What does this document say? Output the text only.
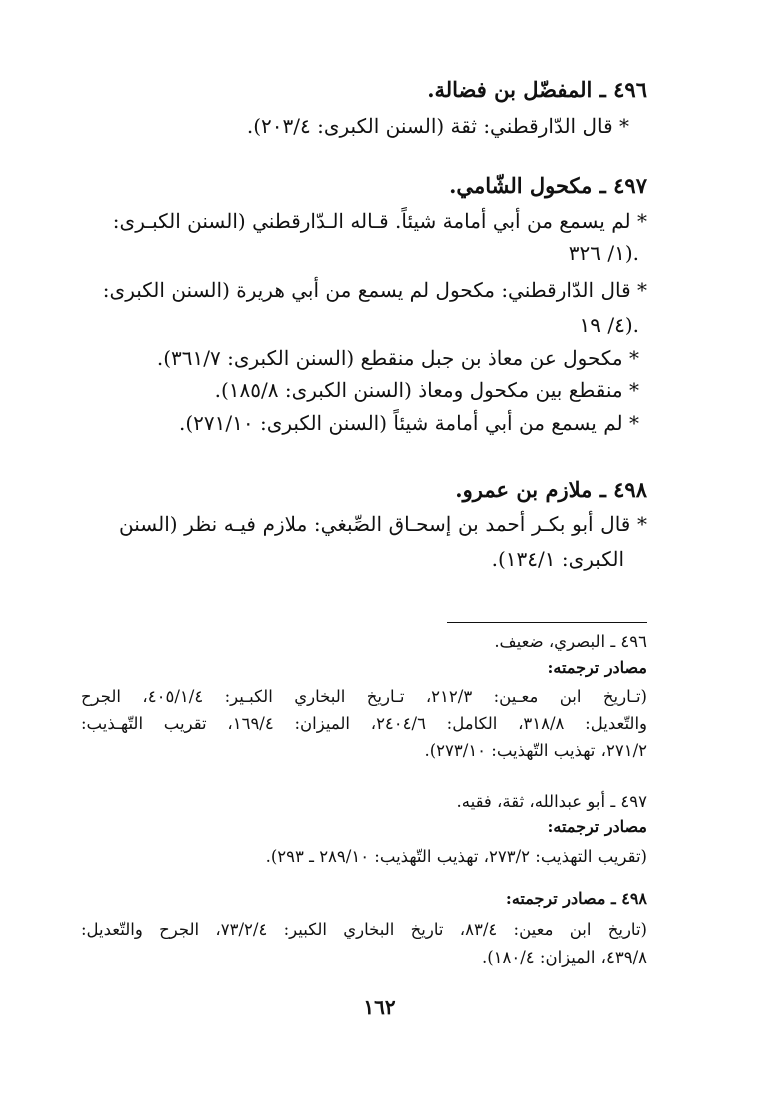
٤٩٦ ـ المفضّل بن فضالة.
* قال الدّارقطني: ثقة (السنن الكبرى: ٢٠٣/٤).
٤٩٧ ـ مكحول الشّامي.
* لم يسمع من أبي أمامة شيئاً. قـاله الـدّارقطني (السنن الكبـرى:
١/ ٣٢٦).
* قال الدّارقطني: مكحول لم يسمع من أبي هريرة (السنن الكبرى:
٤/ ١٩).
* مكحول عن معاذ بن جبل منقطع (السنن الكبرى: ٣٦١/٧).
* منقطع بين مكحول ومعاذ (السنن الكبرى: ١٨٥/٨).
* لم يسمع من أبي أمامة شيئاً (السنن الكبرى: ٢٧١/١٠).
٤٩٨ ـ ملازم بن عمرو.
* قال أبو بكـر أحمد بن إسحـاق الصِّبغي: ملازم فيـه نظر (السنن
الكبرى: ١٣٤/١).
٤٩٦ ـ البصري، ضعيف.
مصادر ترجمته:
(تـاريخ ابن معـين: ٢١٢/٣، تـاريخ البخاري الكبـير: ٤٠٥/١/٤، الجرح
والتّعديل: ٣١٨/٨، الكامل: ٢٤٠٤/٦، الميزان: ١٦٩/٤، تقريب التّهـذيب:
٢٧١/٢، تهذيب التّهذيب: ٢٧٣/١٠).
٤٩٧ ـ أبو عبدالله، ثقة، فقيه.
مصادر ترجمته:
(تقريب التهذيب: ٢٧٣/٢، تهذيب التّهذيب: ٢٨٩/١٠ ـ ٢٩٣).
٤٩٨ ـ مصادر ترجمته:
(تاريخ ابن معين: ٨٣/٤، تاريخ البخاري الكبير: ٧٣/٢/٤، الجرح والتّعديل:
٤٣٩/٨، الميزان: ١٨٠/٤).
١٦٢
